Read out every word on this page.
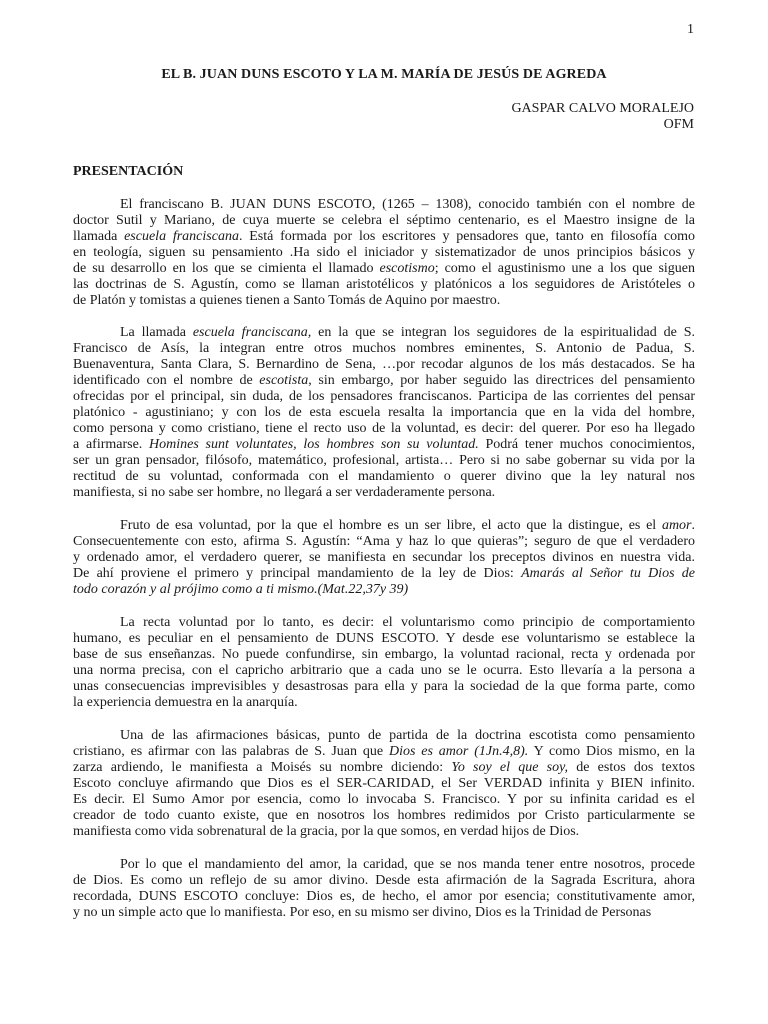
1
EL B. JUAN DUNS ESCOTO Y LA M. MARÍA DE JESÚS DE AGREDA
GASPAR CALVO MORALEJO
OFM
PRESENTACIÓN
El franciscano B. JUAN DUNS ESCOTO, (1265 – 1308), conocido también con el nombre de
doctor Sutil y Mariano, de cuya muerte se celebra el séptimo centenario, es el Maestro insigne de la
llamada escuela franciscana. Está formada por los escritores y pensadores que, tanto en filosofía como
en teología, siguen su pensamiento .Ha sido el iniciador y sistematizador de unos principios básicos y
de su desarrollo en los que se cimienta el llamado escotismo; como el agustinismo une a los que siguen
las doctrinas de S. Agustín, como se llaman aristotélicos y platónicos a los seguidores de Aristóteles o
de Platón y tomistas a quienes tienen a Santo Tomás de Aquino por maestro.
La llamada escuela franciscana, en la que se integran los seguidores de la espiritualidad de S.
Francisco de Asís, la integran entre otros muchos nombres eminentes, S. Antonio de Padua, S.
Buenaventura, Santa Clara, S. Bernardino de Sena, …por recodar algunos de los más destacados. Se ha
identificado con el nombre de escotista, sin embargo, por haber seguido las directrices del pensamiento
ofrecidas por el principal, sin duda, de los pensadores franciscanos. Participa de las corrientes del pensar
platónico - agustiniano; y con los de esta escuela resalta la importancia que en la vida del hombre,
como persona y como cristiano, tiene el recto uso de la voluntad, es decir: del querer. Por eso ha llegado
a afirmarse. Homines sunt voluntates, los hombres son su voluntad. Podrá tener muchos conocimientos,
ser un gran pensador, filósofo, matemático, profesional, artista… Pero si no sabe gobernar su vida por la
rectitud de su voluntad, conformada con el mandamiento o querer divino que la ley natural nos
manifiesta, si no sabe ser hombre, no llegará a ser verdaderamente persona.
Fruto de esa voluntad, por la que el hombre es un ser libre, el acto que la distingue, es el amor.
Consecuentemente con esto, afirma S. Agustín: “Ama y haz lo que quieras”; seguro de que el verdadero
y ordenado amor, el verdadero querer, se manifiesta en secundar los preceptos divinos en nuestra vida.
De ahí proviene el primero y principal mandamiento de la ley de Dios: Amarás al Señor tu Dios de
todo corazón y al prójimo como a ti mismo.(Mat.22,37y 39)
La recta voluntad por lo tanto, es decir: el voluntarismo como principio de comportamiento
humano, es peculiar en el pensamiento de DUNS ESCOTO. Y desde ese voluntarismo se establece la
base de sus enseñanzas. No puede confundirse, sin embargo, la voluntad racional, recta y ordenada por
una norma precisa, con el capricho arbitrario que a cada uno se le ocurra. Esto llevaría a la persona a
unas consecuencias imprevisibles y desastrosas para ella y para la sociedad de la que forma parte, como
la experiencia demuestra en la anarquía.
Una de las afirmaciones básicas, punto de partida de la doctrina escotista como pensamiento
cristiano, es afirmar con las palabras de S. Juan que Dios es amor (1Jn.4,8). Y como Dios mismo, en la
zarza ardiendo, le manifiesta a Moisés su nombre diciendo: Yo soy el que soy, de estos dos textos
Escoto concluye afirmando que Dios es el SER-CARIDAD, el Ser VERDAD infinita y BIEN infinito.
Es decir. El Sumo Amor por esencia, como lo invocaba S. Francisco. Y por su infinita caridad es el
creador de todo cuanto existe, que en nosotros los hombres redimidos por Cristo particularmente se
manifiesta como vida sobrenatural de la gracia, por la que somos, en verdad hijos de Dios.
Por lo que el mandamiento del amor, la caridad, que se nos manda tener entre nosotros, procede
de Dios. Es como un reflejo de su amor divino. Desde esta afirmación de la Sagrada Escritura, ahora
recordada, DUNS ESCOTO concluye: Dios es, de hecho, el amor por esencia; constitutivamente amor,
y no un simple acto que lo manifiesta. Por eso, en su mismo ser divino, Dios es la Trinidad de Personas
